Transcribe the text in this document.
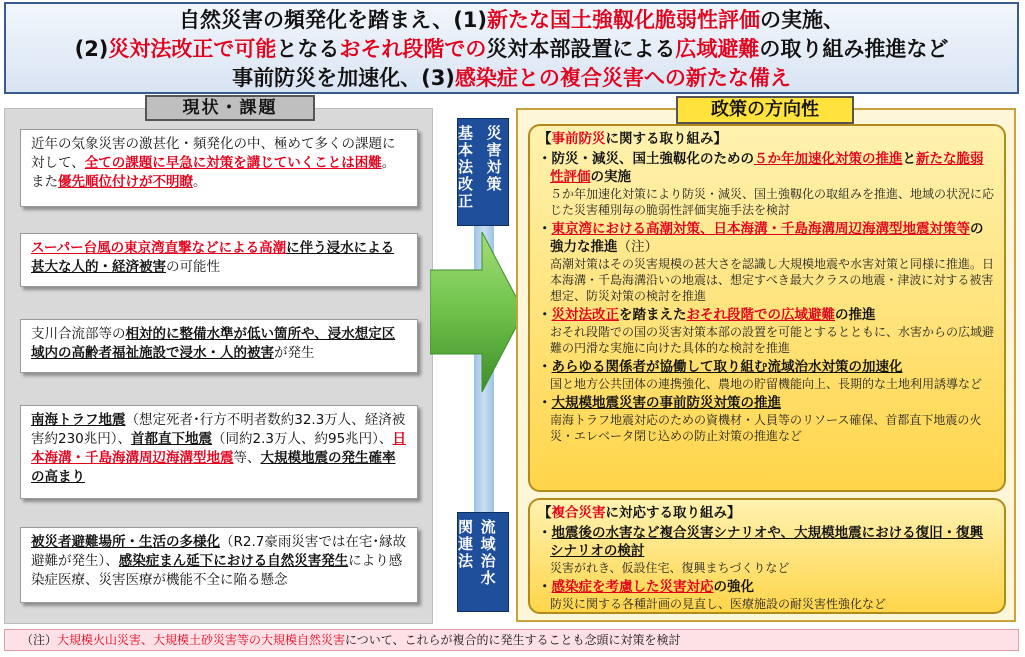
自然災害の頻発化を踏まえ、(1)新たな国土強靱化脆弱性評価の実施、
(2)災対法改正で可能となるおそれ段階での災対本部設置による広域避難の取り組み推進など
事前防災を加速化、(3)感染症との複合災害への新たな備え
現状・課題
近年の気象災害の激甚化・頻発化の中、極めて多くの課題に対して、全ての課題に早急に対策を講じていくことは困難。また優先順位付けが不明瞭。
スーパー台風の東京湾直撃などによる高潮に伴う浸水による甚大な人的・経済被害の可能性
支川合流部等の相対的に整備水準が低い箇所や、浸水想定区域内の高齢者福祉施設で浸水・人的被害が発生
南海トラフ地震（想定死者･行方不明者数約32.3万人、経済被害約230兆円）、首都直下地震（同約2.3万人、約95兆円）、日本海溝・千島海溝周辺海溝型地震等、大規模地震の発生確率の高まり
被災者避難場所・生活の多様化（R2.7豪雨災害では在宅･縁故避難が発生）、感染症まん延下における自然災害発生により感染症医療、災害医療が機能不全に陥る懸念
基本法改正
災害対策
関連法
流域治水
政策の方向性
【事前防災に関する取り組み】
・防災・減災、国土強靱化のための５か年加速化対策の推進と新たな脆弱性評価の実施
５か年加速化対策により防災・減災、国土強靱化の取組みを推進、地域の状況に応じた災害種別毎の脆弱性評価実施手法を検討
・東京湾における高潮対策、日本海溝・千島海溝周辺海溝型地震対策等の強力な推進（注）
高潮対策はその災害規模の甚大さを認識し大規模地震や水害対策と同様に推進。日本海溝・千島海溝沿いの地震は、想定すべき最大クラスの地震・津波に対する被害想定、防災対策の検討を推進
・災対法改正を踏まえたおそれ段階での広域避難の推進
おそれ段階での国の災害対策本部の設置を可能とするとともに、水害からの広域避難の円滑な実施に向けた具体的な検討を推進
・あらゆる関係者が協働して取り組む流域治水対策の加速化
国と地方公共団体の連携強化、農地の貯留機能向上、長期的な土地利用誘導など
・大規模地震災害の事前防災対策の推進
南海トラフ地震対応のための資機材・人員等のリソース確保、首都直下地震の火災・エレベータ閉じ込めの防止対策の推進など
【複合災害に対応する取り組み】
・地震後の水害など複合災害シナリオや、大規模地震における復旧・復興シナリオの検討
災害がれき、仮設住宅、復興まちづくりなど
・感染症を考慮した災害対応の強化
防災に関する各種計画の見直し、医療施設の耐災害性強化など
（注）大規模火山災害、大規模土砂災害等の大規模自然災害について、これらが複合的に発生することも念頭に対策を検討
